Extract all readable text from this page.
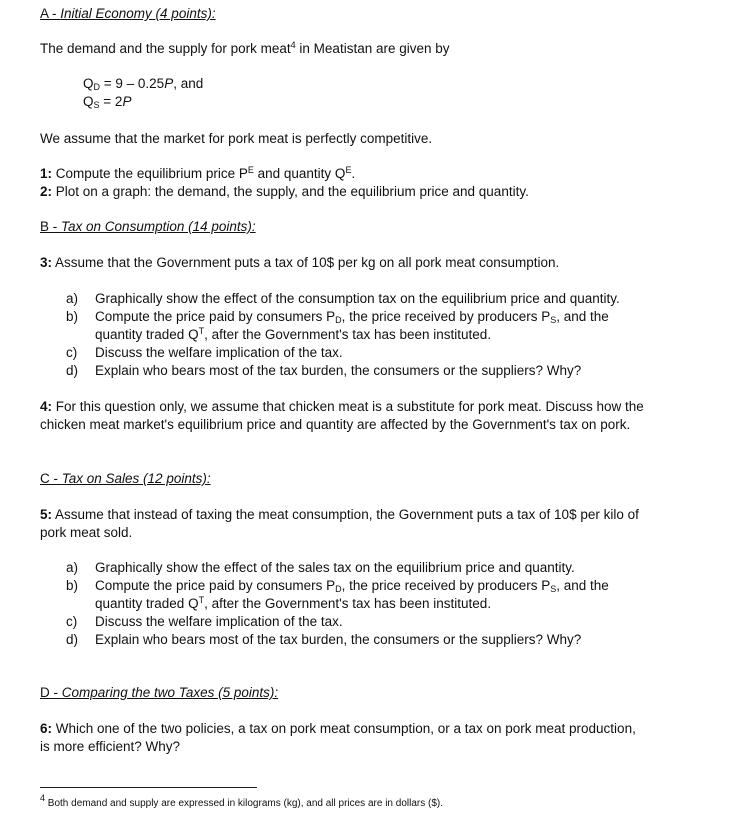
A - Initial Economy (4 points):
The demand and the supply for pork meat$^4$ in Meatistan are given by
$Q_D = 9 - 0.25P$, and
$Q_S = 2P$
We assume that the market for pork meat is perfectly competitive.
1: Compute the equilibrium price $P^E$ and quantity $Q^E$.
2: Plot on a graph: the demand, the supply, and the equilibrium price and quantity.
B - Tax on Consumption (14 points):
3: Assume that the Government puts a tax of 10$ per kg on all pork meat consumption.
a) Graphically show the effect of the consumption tax on the equilibrium price and quantity.
b) Compute the price paid by consumers $P_D$, the price received by producers $P_S$, and the
quantity traded $Q^T$, after the Government's tax has been instituted.
c) Discuss the welfare implication of the tax.
d) Explain who bears most of the tax burden, the consumers or the suppliers? Why?
4: For this question only, we assume that chicken meat is a substitute for pork meat. Discuss how the
chicken meat market's equilibrium price and quantity are affected by the Government's tax on pork.
C - Tax on Sales (12 points):
5: Assume that instead of taxing the meat consumption, the Government puts a tax of 10$ per kilo of
pork meat sold.
a) Graphically show the effect of the sales tax on the equilibrium price and quantity.
b) Compute the price paid by consumers $P_D$, the price received by producers $P_S$, and the
quantity traded $Q^T$, after the Government's tax has been instituted.
c) Discuss the welfare implication of the tax.
d) Explain who bears most of the tax burden, the consumers or the suppliers? Why?
D - Comparing the two Taxes (5 points):
6: Which one of the two policies, a tax on pork meat consumption, or a tax on pork meat production,
is more efficient? Why?
$^4$ Both demand and supply are expressed in kilograms (kg), and all prices are in dollars ($).
